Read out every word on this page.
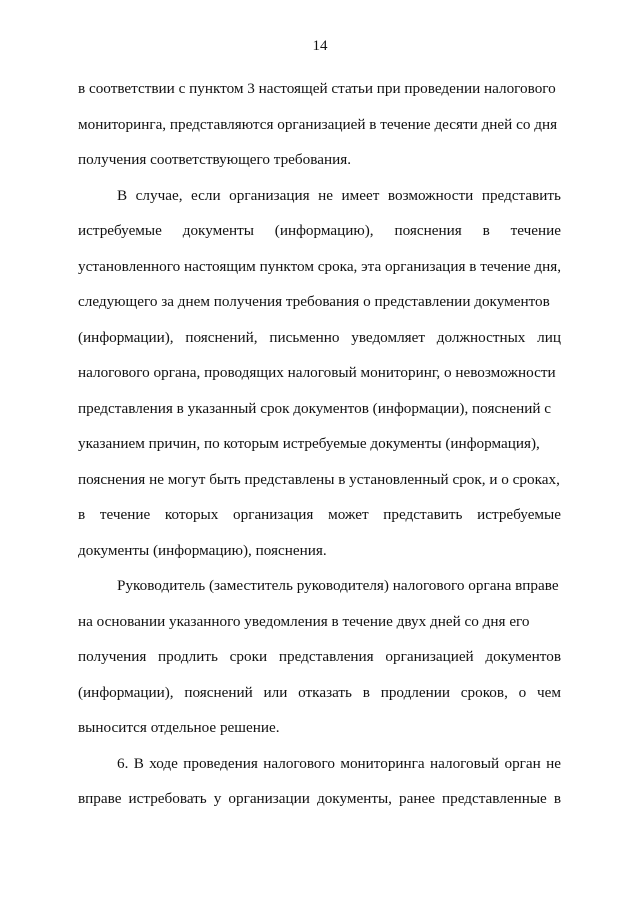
14
в соответствии с пунктом 3 настоящей статьи при проведении налогового
мониторинга, представляются организацией в течение десяти дней со дня
получения соответствующего требования.
В случае, если организация не имеет возможности представить
истребуемые документы (информацию), пояснения в течение
установленного настоящим пунктом срока, эта организация в течение дня,
следующего за днем получения требования о представлении документов
(информации), пояснений, письменно уведомляет должностных лиц
налогового органа, проводящих налоговый мониторинг, о невозможности
представления в указанный срок документов (информации), пояснений с
указанием причин, по которым истребуемые документы (информация),
пояснения не могут быть представлены в установленный срок, и о сроках,
в течение которых организация может представить истребуемые
документы (информацию), пояснения.
Руководитель (заместитель руководителя) налогового органа вправе
на основании указанного уведомления в течение двух дней со дня его
получения продлить сроки представления организацией документов
(информации), пояснений или отказать в продлении сроков, о чем
выносится отдельное решение.
6. В ходе проведения налогового мониторинга налоговый орган не
вправе истребовать у организации документы, ранее представленные в
